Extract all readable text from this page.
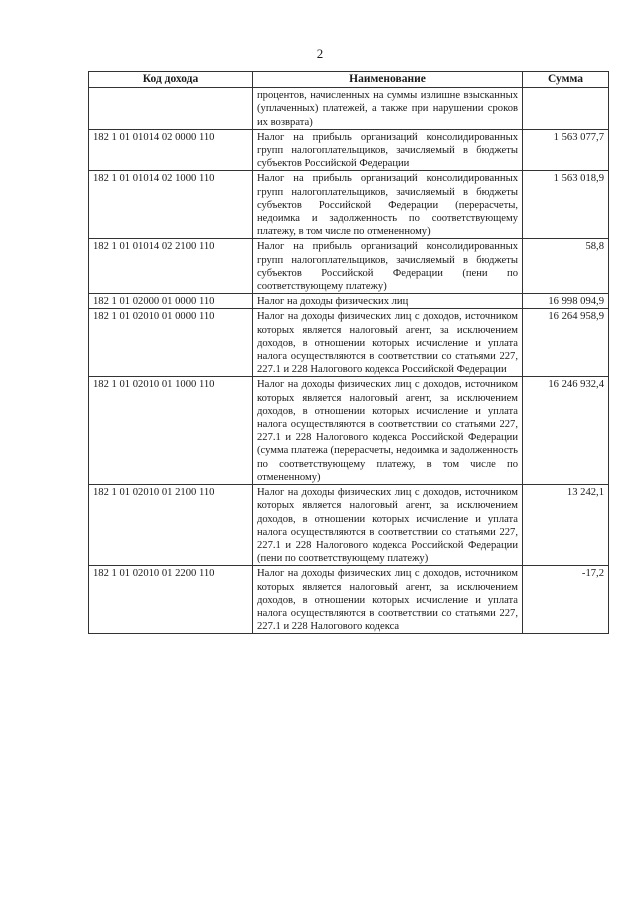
2
Код дохода	Наименование	Сумма
	процентов, начисленных на суммы излишне взысканных (уплаченных) платежей, а также при нарушении сроков их возврата)	
182 1 01 01014 02 0000 110	Налог на прибыль организаций консолидированных групп налогоплательщиков, зачисляемый в бюджеты субъектов Российской Федерации	1 563 077,7
182 1 01 01014 02 1000 110	Налог на прибыль организаций консолидированных групп налогоплательщиков, зачисляемый в бюджеты субъектов Российской Федерации (перерасчеты, недоимка и задолженность по соответствующему платежу, в том числе по отмененному)	1 563 018,9
182 1 01 01014 02 2100 110	Налог на прибыль организаций консолидированных групп налогоплательщиков, зачисляемый в бюджеты субъектов Российской Федерации (пени по соответствующему платежу)	58,8
182 1 01 02000 01 0000 110	Налог на доходы физических лиц	16 998 094,9
182 1 01 02010 01 0000 110	Налог на доходы физических лиц с доходов, источником которых является налоговый агент, за исключением доходов, в отношении которых исчисление и уплата налога осуществляются в соответствии со статьями 227, 227.1 и 228 Налогового кодекса Российской Федерации	16 264 958,9
182 1 01 02010 01 1000 110	Налог на доходы физических лиц с доходов, источником которых является налоговый агент, за исключением доходов, в отношении которых исчисление и уплата налога осуществляются в соответствии со статьями 227, 227.1 и 228 Налогового кодекса Российской Федерации (сумма платежа (перерасчеты, недоимка и задолженность по соответствующему платежу, в том числе по отмененному)	16 246 932,4
182 1 01 02010 01 2100 110	Налог на доходы физических лиц с доходов, источником которых является налоговый агент, за исключением доходов, в отношении которых исчисление и уплата налога осуществляются в соответствии со статьями 227, 227.1 и 228 Налогового кодекса Российской Федерации (пени по соответствующему платежу)	13 242,1
182 1 01 02010 01 2200 110	Налог на доходы физических лиц с доходов, источником которых является налоговый агент, за исключением доходов, в отношении которых исчисление и уплата налога осуществляются в соответствии со статьями 227, 227.1 и 228 Налогового кодекса	-17,2
